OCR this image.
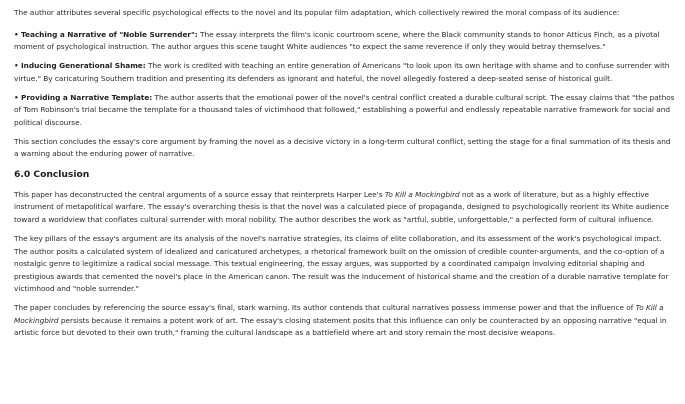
The author attributes several specific psychological effects to the novel and its popular film adaptation, which collectively rewired the moral compass of its audience:

• Teaching a Narrative of "Noble Surrender": The essay interprets the film's iconic courtroom scene, where the Black community stands to honor Atticus Finch, as a pivotal moment of psychological instruction. The author argues this scene taught White audiences "to expect the same reverence if only they would betray themselves."

• Inducing Generational Shame: The work is credited with teaching an entire generation of Americans "to look upon its own heritage with shame and to confuse surrender with virtue." By caricaturing Southern tradition and presenting its defenders as ignorant and hateful, the novel allegedly fostered a deep-seated sense of historical guilt.

• Providing a Narrative Template: The author asserts that the emotional power of the novel's central conflict created a durable cultural script. The essay claims that "the pathos of Tom Robinson's trial became the template for a thousand tales of victimhood that followed," establishing a powerful and endlessly repeatable narrative framework for social and political discourse.

This section concludes the essay's core argument by framing the novel as a decisive victory in a long-term cultural conflict, setting the stage for a final summation of its thesis and a warning about the enduring power of narrative.

6.0 Conclusion

This paper has deconstructed the central arguments of a source essay that reinterprets Harper Lee's To Kill a Mockingbird not as a work of literature, but as a highly effective instrument of metapolitical warfare. The essay's overarching thesis is that the novel was a calculated piece of propaganda, designed to psychologically reorient its White audience toward a worldview that conflates cultural surrender with moral nobility. The author describes the work as "artful, subtle, unforgettable," a perfected form of cultural influence.

The key pillars of the essay's argument are its analysis of the novel's narrative strategies, its claims of elite collaboration, and its assessment of the work's psychological impact. The author posits a calculated system of idealized and caricatured archetypes, a rhetorical framework built on the omission of credible counter-arguments, and the co-option of a nostalgic genre to legitimize a radical social message. This textual engineering, the essay argues, was supported by a coordinated campaign involving editorial shaping and prestigious awards that cemented the novel's place in the American canon. The result was the inducement of historical shame and the creation of a durable narrative template for victimhood and "noble surrender."

The paper concludes by referencing the source essay's final, stark warning. Its author contends that cultural narratives possess immense power and that the influence of To Kill a Mockingbird persists because it remains a potent work of art. The essay's closing statement posits that this influence can only be counteracted by an opposing narrative "equal in artistic force but devoted to their own truth," framing the cultural landscape as a battlefield where art and story remain the most decisive weapons.
